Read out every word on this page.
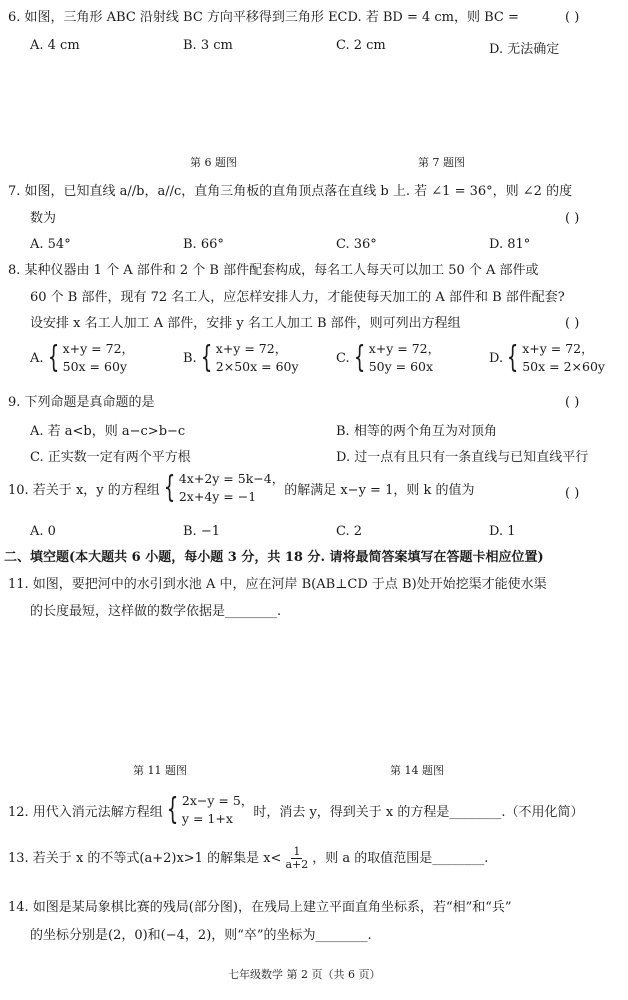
6. 如图，三角形 ABC 沿射线 BC 方向平移得到三角形 ECD. 若 BD = 4 cm，则 BC =	( )
A. 4 cm	B. 3 cm	C. 2 cm	D. 无法确定
第 6 题图	第 7 题图
7. 如图，已知直线 a//b，a//c，直角三角板的直角顶点落在直线 b 上. 若 ∠1 = 36°，则 ∠2 的度
数为	( )
A. 54°	B. 66°	C. 36°	D. 81°
8. 某种仪器由 1 个 A 部件和 2 个 B 部件配套构成，每名工人每天可以加工 50 个 A 部件或
60 个 B 部件，现有 72 名工人，应怎样安排人力，才能使每天加工的 A 部件和 B 部件配套?
设安排 x 名工人加工 A 部件，安排 y 名工人加工 B 部件，则可列出方程组	( )
A. { x+y = 72，
50x = 60y
B. { x+y = 72，
2×50x = 60y
C. { x+y = 72，
50y = 60x
D. { x+y = 72，
50x = 2×60y
9. 下列命题是真命题的是	( )
A. 若 a<b，则 a−c>b−c	B. 相等的两个角互为对顶角
C. 正实数一定有两个平方根	D. 过一点有且只有一条直线与已知直线平行
10. 若关于 x，y 的方程组 { 4x+2y = 5k−4，
2x+4y = −1	的解满足 x−y = 1，则 k 的值为	( )
A. 0	B. −1	C. 2	D. 1
二、填空题(本大题共 6 小题，每小题 3 分，共 18 分. 请将最简答案填写在答题卡相应位置)
11. 如图，要把河中的水引到水池 A 中，应在河岸 B(AB⊥CD 于点 B)处开始挖渠才能使水渠
的长度最短，这样做的数学依据是________.
第 11 题图	第 14 题图
12. 用代入消元法解方程组 { 2x−y = 5，
y = 1+x	时，消去 y，得到关于 x 的方程是________.（不用化简）
13. 若关于 x 的不等式(a+2)x>1 的解集是 $x< \frac{1}{a+2}$ ，则 a 的取值范围是________.
14. 如图是某局象棋比赛的残局(部分图)，在残局上建立平面直角坐标系，若“相”和“兵”
的坐标分别是(2，0)和(−4，2)，则“卒”的坐标为________.
七年级数学 第 2 页（共 6 页）
